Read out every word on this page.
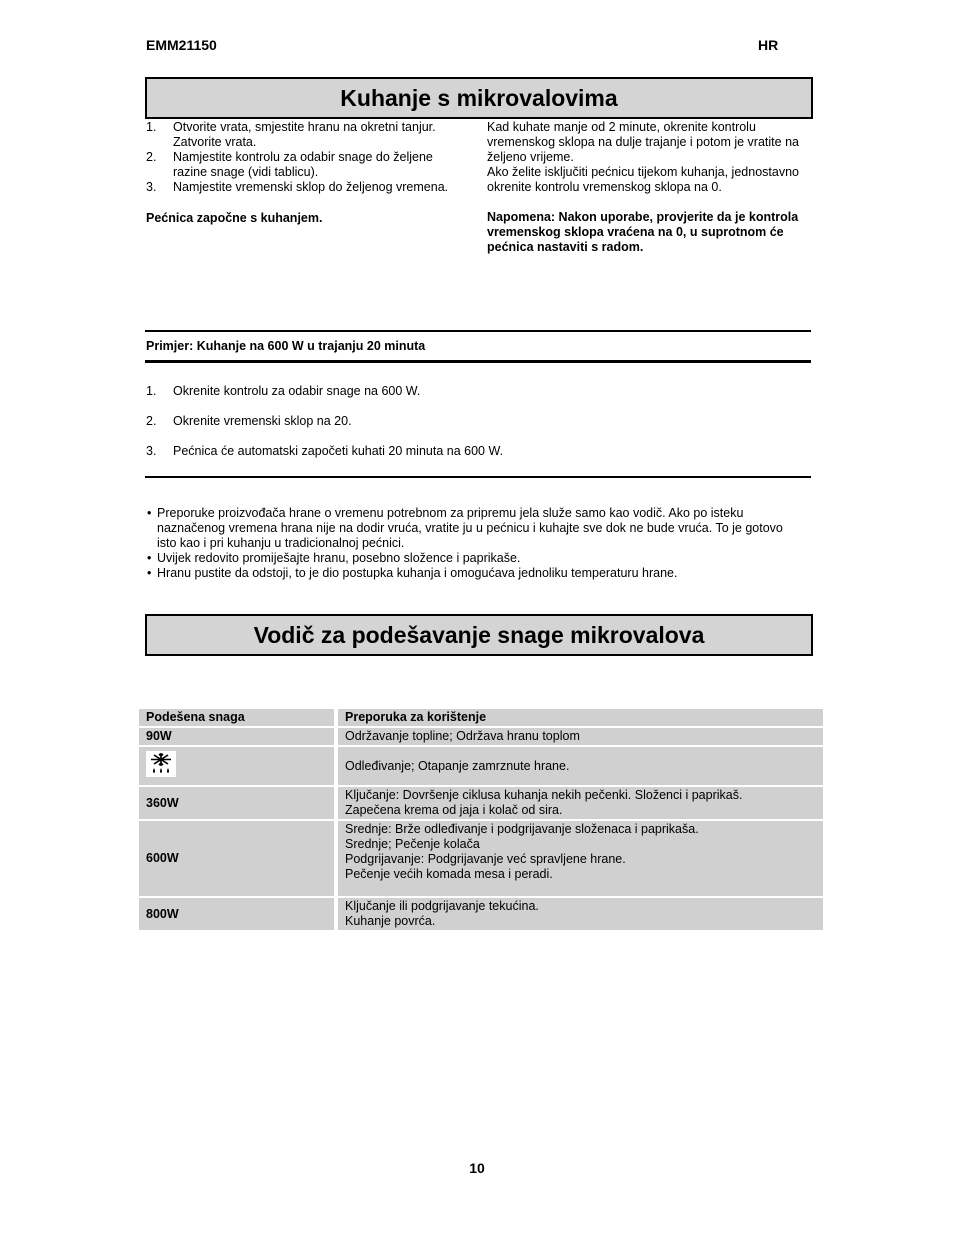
EMM21150	HR
Kuhanje s mikrovalovima
1. Otvorite vrata, smjestite hranu na okretni tanjur. Zatvorite vrata.
2. Namjestite kontrolu za odabir snage do željene razine snage (vidi tablicu).
3. Namjestite vremenski sklop do željenog vremena.
Pećnica započne s kuhanjem.
Kad kuhate manje od 2 minute, okrenite kontrolu vremenskog sklopa na dulje trajanje i potom je vratite na željeno vrijeme.
Ako želite isključiti pećnicu tijekom kuhanja, jednostavno okrenite kontrolu vremenskog sklopa na 0.
Napomena: Nakon uporabe, provjerite da je kontrola vremenskog sklopa vraćena na 0, u suprotnom će pećnica nastaviti s radom.
Primjer: Kuhanje na 600 W u trajanju 20 minuta
1. Okrenite kontrolu za odabir snage na 600 W.
2. Okrenite vremenski sklop na 20.
3. Pećnica će automatski započeti kuhati 20 minuta na 600 W.
• Preporuke proizvođača hrane o vremenu potrebnom za pripremu jela služe samo kao vodič. Ako po isteku naznačenog vremena hrana nije na dodir vruća, vratite ju u pećnicu i kuhajte sve dok ne bude vruća. To je gotovo isto kao i pri kuhanju u tradicionalnoj pećnici.
• Uvijek redovito promiješajte hranu, posebno složence i paprikaše.
• Hranu pustite da odstoji, to je dio postupka kuhanja i omogućava jednoliku temperaturu hrane.
Vodič za podešavanje snage mikrovalova
Podešena snaga	Preporuka za korištenje
90W	Održavanje topline; Održava hranu toplom
	Odleđivanje; Otapanje zamrznute hrane.
360W	Ključanje: Dovršenje ciklusa kuhanja nekih pečenki. Složenci i paprikaš.
Zapečena krema od jaja i kolač od sira.

600W	Srednje: Brže odleđivanje i podgrijavanje složenaca i paprikaša.
Srednje; Pečenje kolača
Podgrijavanje: Podgrijavanje već spravljene hrane.
Pečenje većih komada mesa i peradi.

800W	Ključanje ili podgrijavanje tekućina.
Kuhanje povrća.
10
